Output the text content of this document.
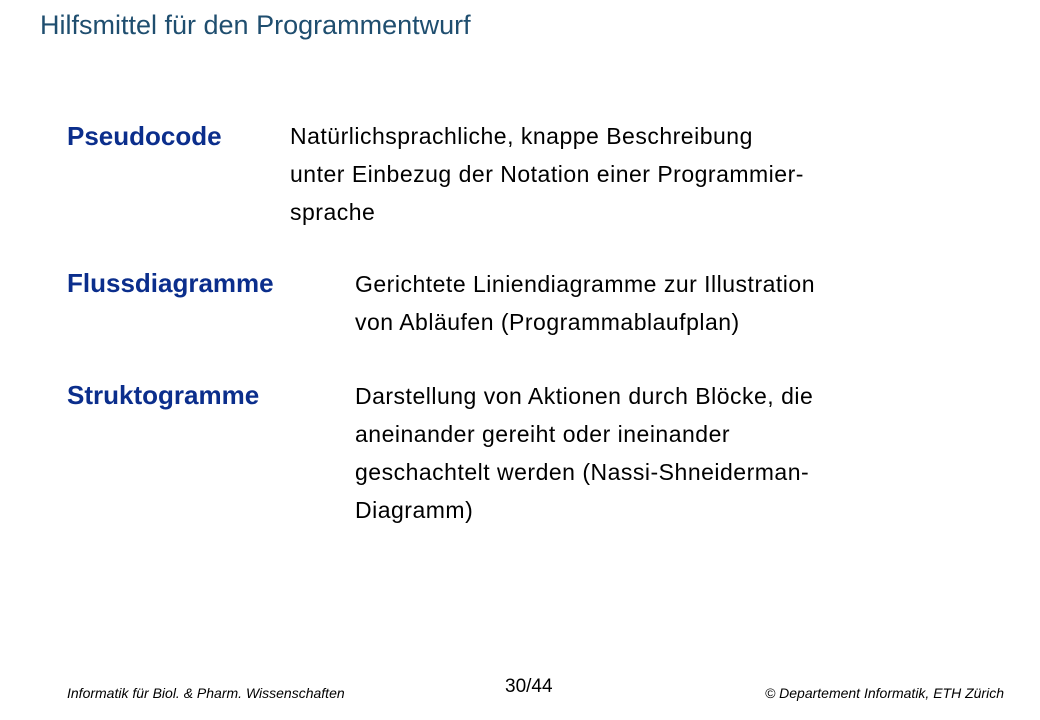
Hilfsmittel für den Programmentwurf
Pseudocode	Natürlichsprachliche, knappe Beschreibung
unter Einbezug der Notation einer Programmier-
sprache
Flussdiagramme	Gerichtete Liniendiagramme zur Illustration
von Abläufen (Programmablaufplan)
Struktogramme	Darstellung von Aktionen durch Blöcke, die
aneinander gereiht oder ineinander
geschachtelt werden (Nassi-Shneiderman-
Diagramm)
Informatik für Biol. & Pharm. Wissenschaften	30/44	© Departement Informatik, ETH Zürich
